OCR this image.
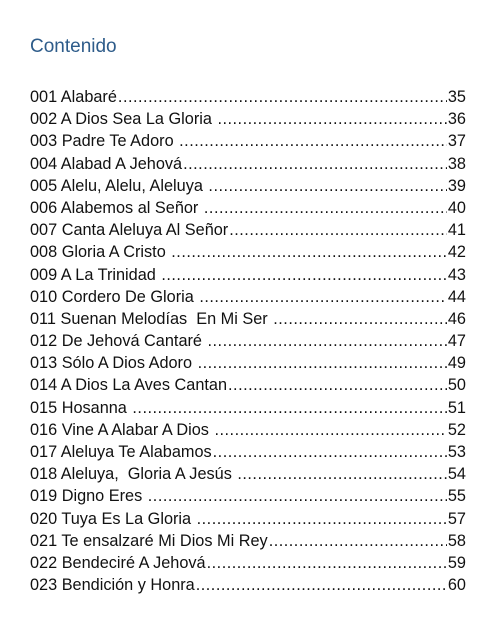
Contenido
001 Alabaré .....	35
002 A Dios Sea La Gloria .....	36
003 Padre Te Adoro .....	37
004 Alabad A Jehová .....	38
005 Alelu, Alelu, Aleluya .....	39
006 Alabemos al Señor .....	40
007 Canta Aleluya Al Señor .....	41
008 Gloria A Cristo .....	42
009 A La Trinidad .....	43
010 Cordero De Gloria .....	44
011 Suenan Melodías  En Mi Ser .....	46
012 De Jehová Cantaré .....	47
013 Sólo A Dios Adoro .....	49
014 A Dios La Aves Cantan .....	50
015 Hosanna .....	51
016 Vine A Alabar A Dios .....	52
017 Aleluya Te Alabamos .....	53
018 Aleluya,  Gloria A Jesús .....	54
019 Digno Eres .....	55
020 Tuya Es La Gloria .....	57
021 Te ensalzaré Mi Dios Mi Rey .....	58
022 Bendeciré A Jehová .....	59
023 Bendición y Honra .....	60
